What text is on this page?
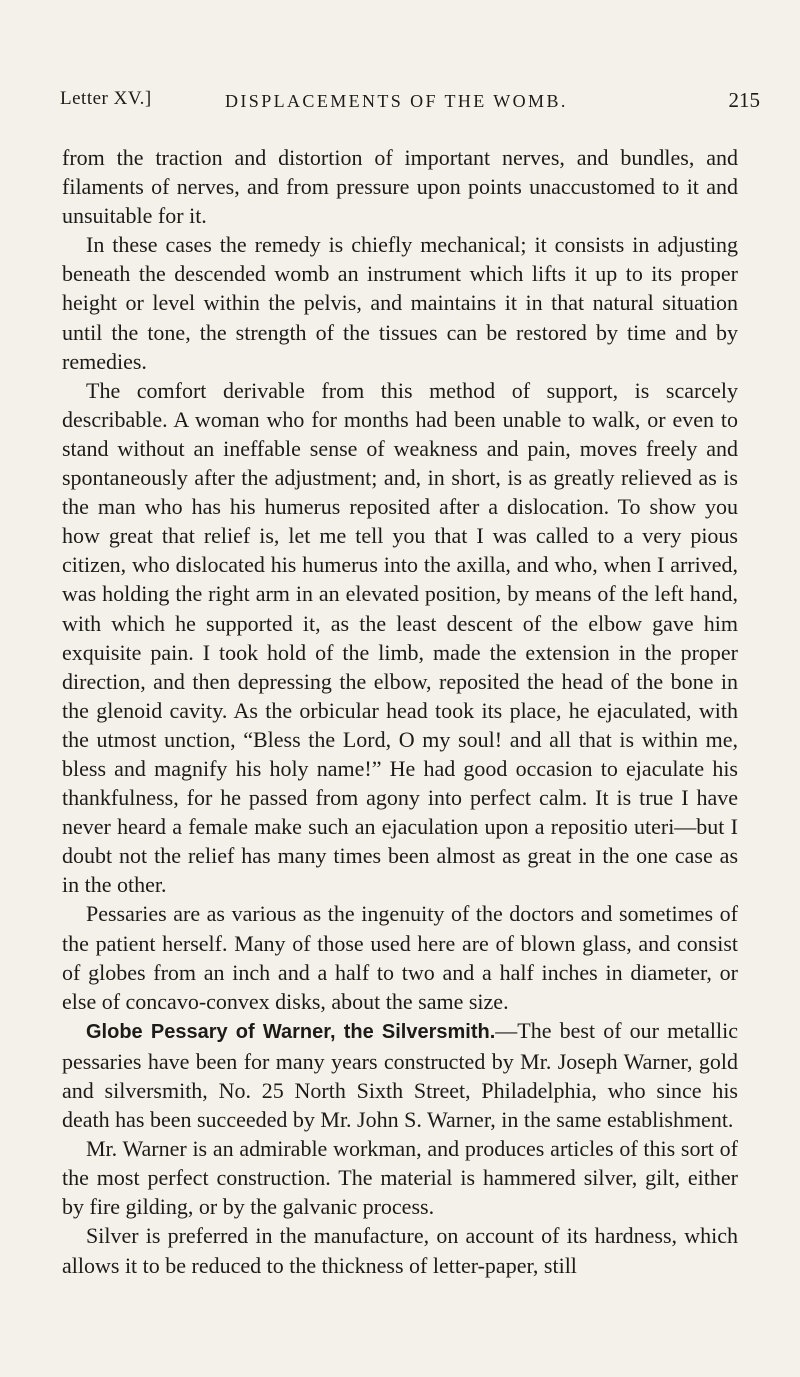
Letter XV.]	DISPLACEMENTS OF THE WOMB.	215

from the traction and distortion of important nerves, and bundles, and filaments of nerves, and from pressure upon points unaccustomed to it and unsuitable for it.

In these cases the remedy is chiefly mechanical; it consists in adjusting beneath the descended womb an instrument which lifts it up to its proper height or level within the pelvis, and maintains it in that natural situation until the tone, the strength of the tissues can be restored by time and by remedies.

The comfort derivable from this method of support, is scarcely describable. A woman who for months had been unable to walk, or even to stand without an ineffable sense of weakness and pain, moves freely and spontaneously after the adjustment; and, in short, is as greatly relieved as is the man who has his humerus reposited after a dislocation. To show you how great that relief is, let me tell you that I was called to a very pious citizen, who dislocated his humerus into the axilla, and who, when I arrived, was holding the right arm in an elevated position, by means of the left hand, with which he supported it, as the least descent of the elbow gave him exquisite pain. I took hold of the limb, made the extension in the proper direction, and then depressing the elbow, reposited the head of the bone in the glenoid cavity. As the orbicular head took its place, he ejaculated, with the utmost unction, “Bless the Lord, O my soul! and all that is within me, bless and magnify his holy name!” He had good occasion to ejaculate his thankfulness, for he passed from agony into perfect calm. It is true I have never heard a female make such an ejaculation upon a repositio uteri—but I doubt not the relief has many times been almost as great in the one case as in the other.

Pessaries are as various as the ingenuity of the doctors and sometimes of the patient herself. Many of those used here are of blown glass, and consist of globes from an inch and a half to two and a half inches in diameter, or else of concavo-convex disks, about the same size.

Globe Pessary of Warner, the Silversmith.—The best of our metallic pessaries have been for many years constructed by Mr. Joseph Warner, gold and silversmith, No. 25 North Sixth Street, Philadelphia, who since his death has been succeeded by Mr. John S. Warner, in the same establishment.

Mr. Warner is an admirable workman, and produces articles of this sort of the most perfect construction. The material is hammered silver, gilt, either by fire gilding, or by the galvanic process.

Silver is preferred in the manufacture, on account of its hardness, which allows it to be reduced to the thickness of letter-paper, still
